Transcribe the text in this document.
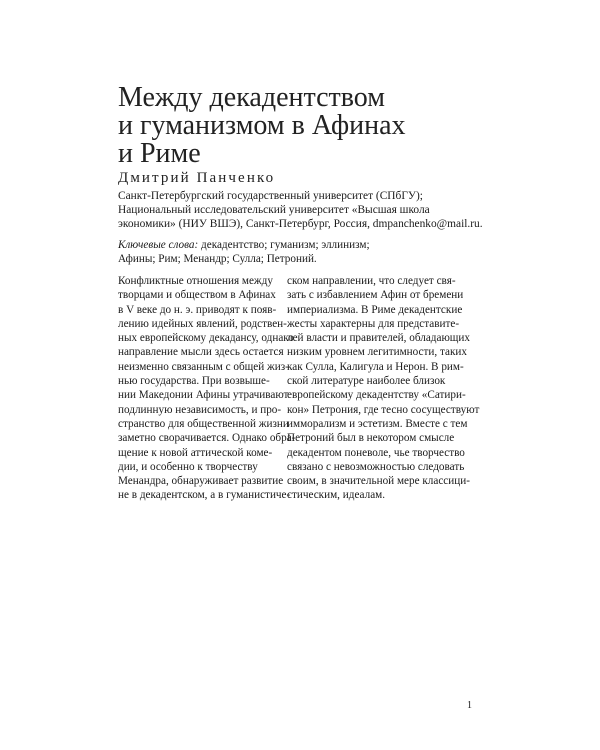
Между декадентством
и гуманизмом в Афинах
и Риме
Дмитрий Панченко
Санкт-Петербургский государственный университет (СПбГУ);
Национальный исследовательский университет «Высшая школа
экономики» (НИУ ВШЭ), Санкт-Петербург, Россия, dmpanchenko@mail.ru.
Ключевые слова: декадентство; гуманизм; эллинизм;
Афины; Рим; Менандр; Сулла; Петроний.
Конфликтные отношения между
творцами и обществом в Афинах
в V веке до н. э. приводят к появ-
лению идейных явлений, родствен-
ных европейскому декадансу, однако
направление мысли здесь остается
неизменно связанным с общей жиз-
нью государства. При возвыше-
нии Македонии Афины утрачивают
подлинную независимость, и про-
странство для общественной жизни
заметно сворачивается. Однако обра-
щение к новой аттической коме-
дии, и особенно к творчеству
Менандра, обнаруживает развитие
не в декадентском, а в гуманистиче-
ском направлении, что следует свя-
зать с избавлением Афин от бремени
империализма. В Риме декадентские
жесты характерны для представите-
лей власти и правителей, обладающих
низким уровнем легитимности, таких
как Сулла, Калигула и Нерон. В рим-
ской литературе наиболее близок
европейскому декадентству «Сатири-
кон» Петрония, где тесно сосуществуют
имморализм и эстетизм. Вместе с тем
Петроний был в некотором смысле
декадентом поневоле, чье творчество
связано с невозможностью следовать
своим, в значительной мере классици-
стическим, идеалам.
1
